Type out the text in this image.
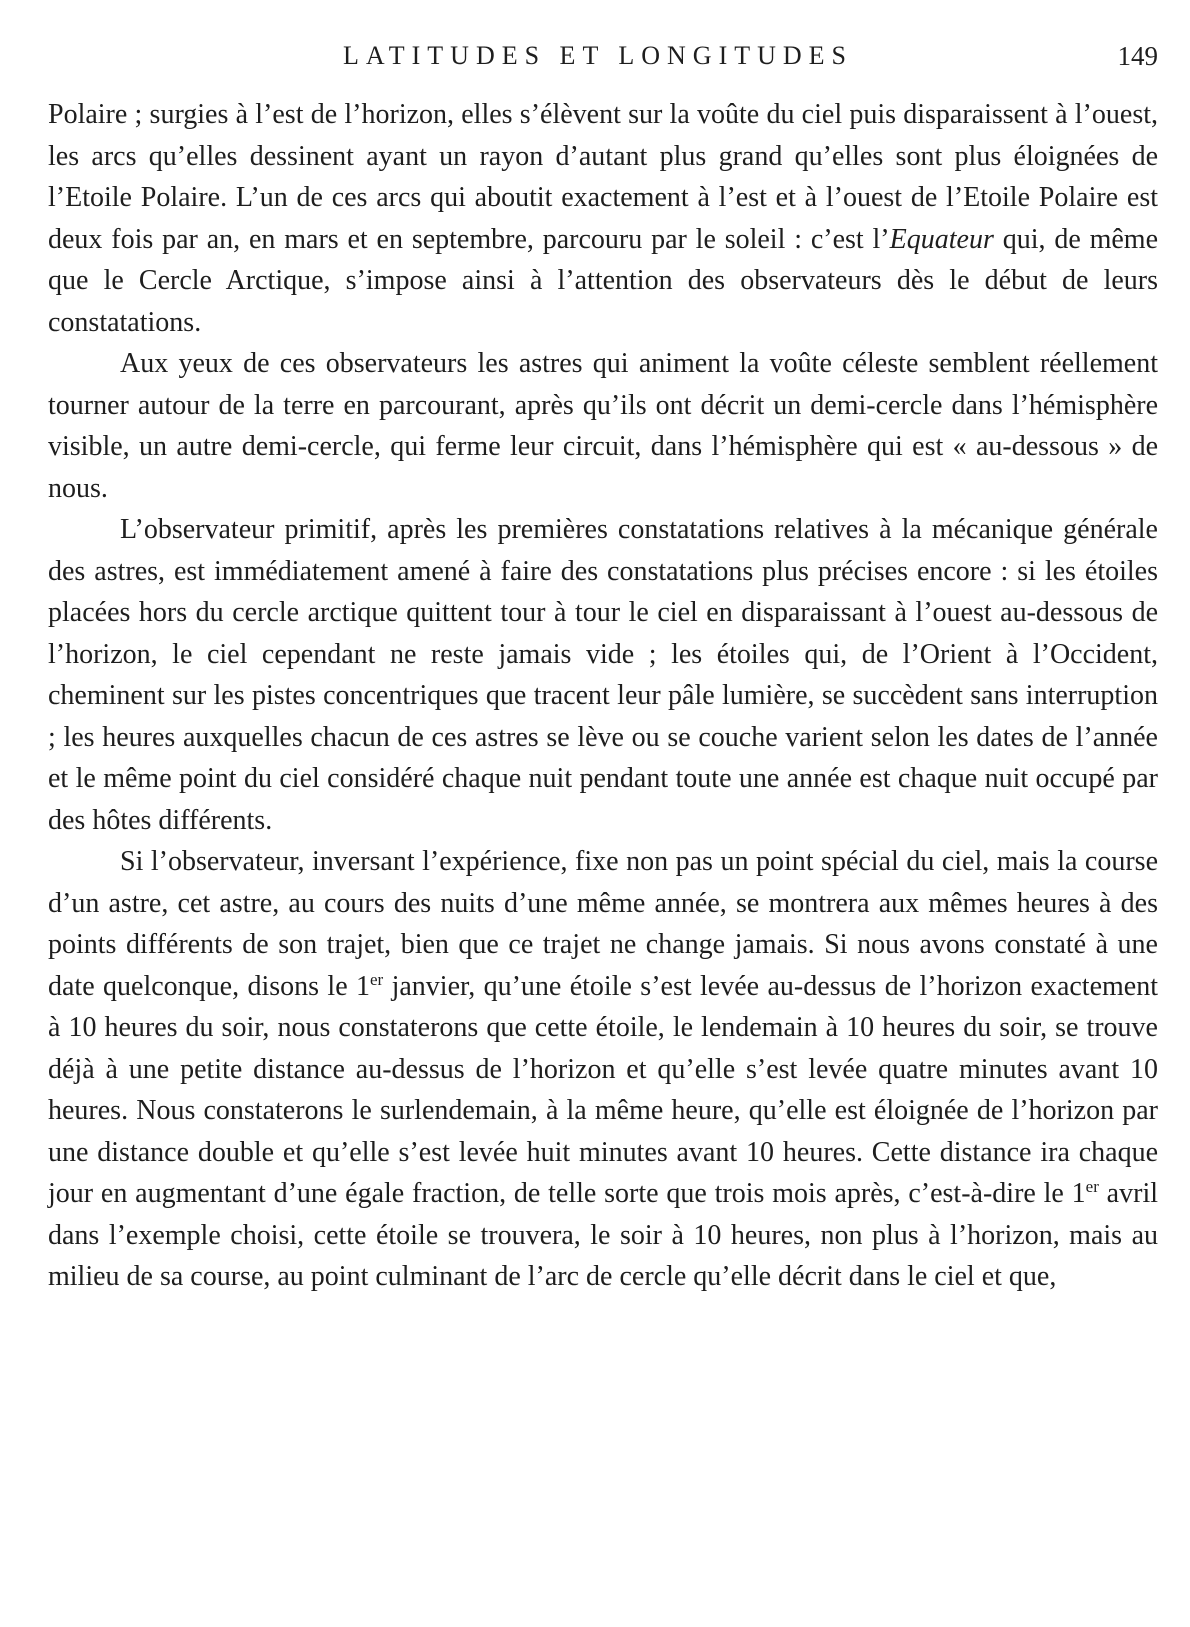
LATITUDES ET LONGITUDES	149

Polaire ; surgies à l’est de l’horizon, elles s’élèvent sur la voûte du ciel puis disparaissent à l’ouest, les arcs qu’elles dessinent ayant un rayon d’autant plus grand qu’elles sont plus éloignées de l’Etoile Polaire. L’un de ces arcs qui aboutit exactement à l’est et à l’ouest de l’Etoile Polaire est deux fois par an, en mars et en septembre, parcouru par le soleil : c’est l’Equateur qui, de même que le Cercle Arctique, s’impose ainsi à l’attention des observateurs dès le début de leurs constatations.

Aux yeux de ces observateurs les astres qui animent la voûte céleste semblent réellement tourner autour de la terre en parcourant, après qu’ils ont décrit un demi-cercle dans l’hémisphère visible, un autre demi-cercle, qui ferme leur circuit, dans l’hémisphère qui est « au-dessous » de nous.

L’observateur primitif, après les premières constatations relatives à la mécanique générale des astres, est immédiatement amené à faire des constatations plus précises encore : si les étoiles placées hors du cercle arctique quittent tour à tour le ciel en disparaissant à l’ouest au-dessous de l’horizon, le ciel cependant ne reste jamais vide ; les étoiles qui, de l’Orient à l’Occident, cheminent sur les pistes concentriques que tracent leur pâle lumière, se succèdent sans interruption ; les heures auxquelles chacun de ces astres se lève ou se couche varient selon les dates de l’année et le même point du ciel considéré chaque nuit pendant toute une année est chaque nuit occupé par des hôtes différents.

Si l’observateur, inversant l’expérience, fixe non pas un point spécial du ciel, mais la course d’un astre, cet astre, au cours des nuits d’une même année, se montrera aux mêmes heures à des points différents de son trajet, bien que ce trajet ne change jamais. Si nous avons constaté à une date quelconque, disons le 1er janvier, qu’une étoile s’est levée au-dessus de l’horizon exactement à 10 heures du soir, nous constaterons que cette étoile, le lendemain à 10 heures du soir, se trouve déjà à une petite distance au-dessus de l’horizon et qu’elle s’est levée quatre minutes avant 10 heures. Nous constaterons le surlendemain, à la même heure, qu’elle est éloignée de l’horizon par une distance double et qu’elle s’est levée huit minutes avant 10 heures. Cette distance ira chaque jour en augmentant d’une égale fraction, de telle sorte que trois mois après, c’est-à-dire le 1er avril dans l’exemple choisi, cette étoile se trouvera, le soir à 10 heures, non plus à l’horizon, mais au milieu de sa course, au point culminant de l’arc de cercle qu’elle décrit dans le ciel et que,
